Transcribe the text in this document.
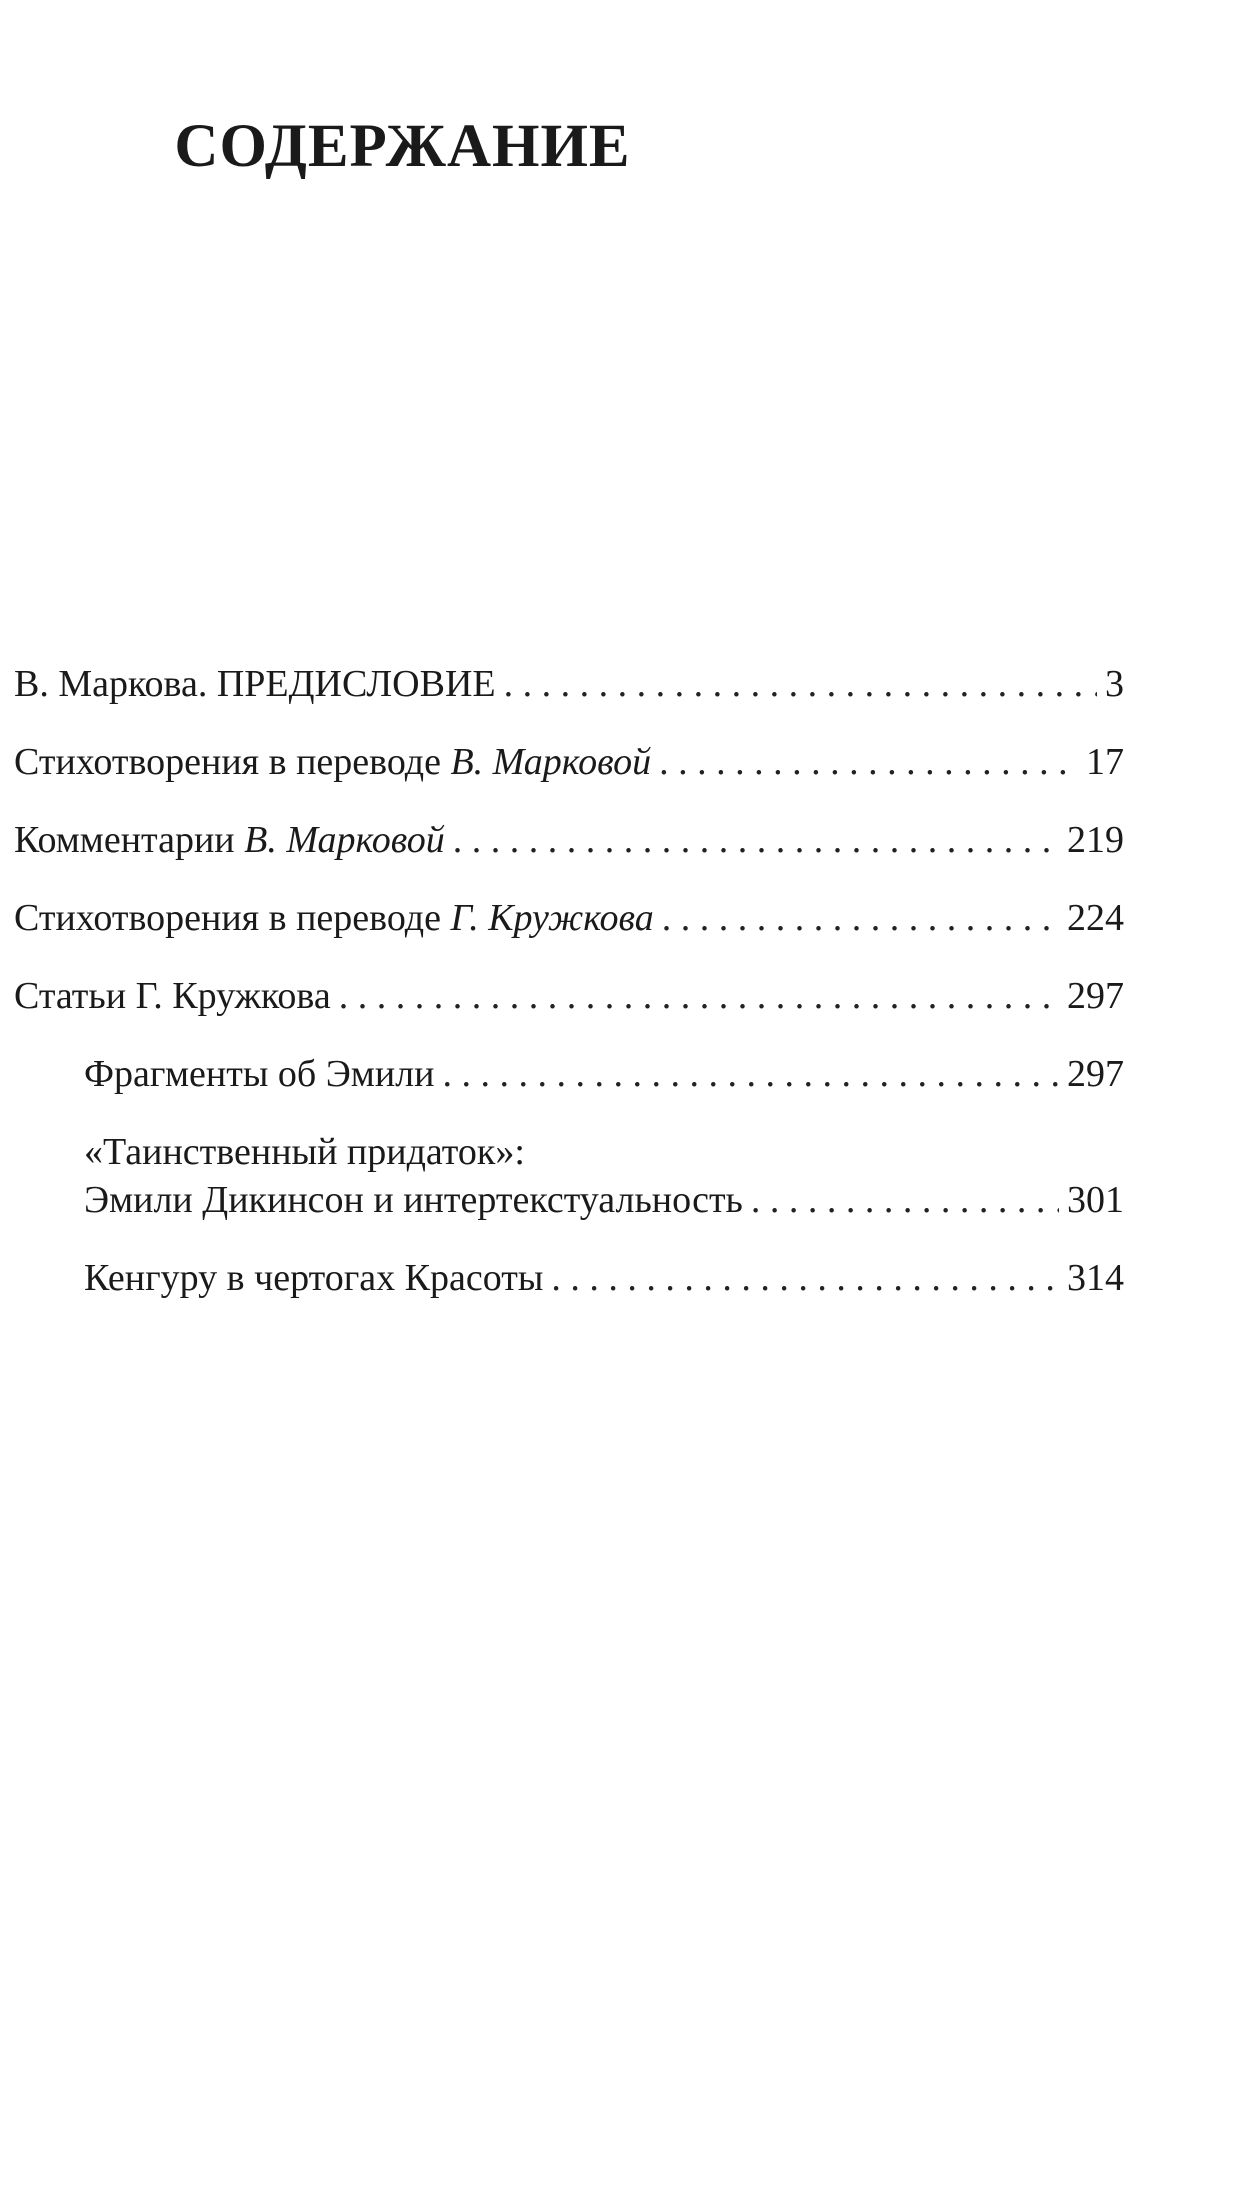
СОДЕРЖАНИЕ
В. Маркова. ПРЕДИСЛОВИЕ . . .	3
Стихотворения в переводе В. Марковой . . .	17
Комментарии В. Марковой . . .	219
Стихотворения в переводе Г. Кружкова . . .	224
Статьи Г. Кружкова . . .	297
Фрагменты об Эмили . . .	297
«Таинственный придаток»:
Эмили Дикинсон и интертекстуальность . . .	301
Кенгуру в чертогах Красоты . . .	314
